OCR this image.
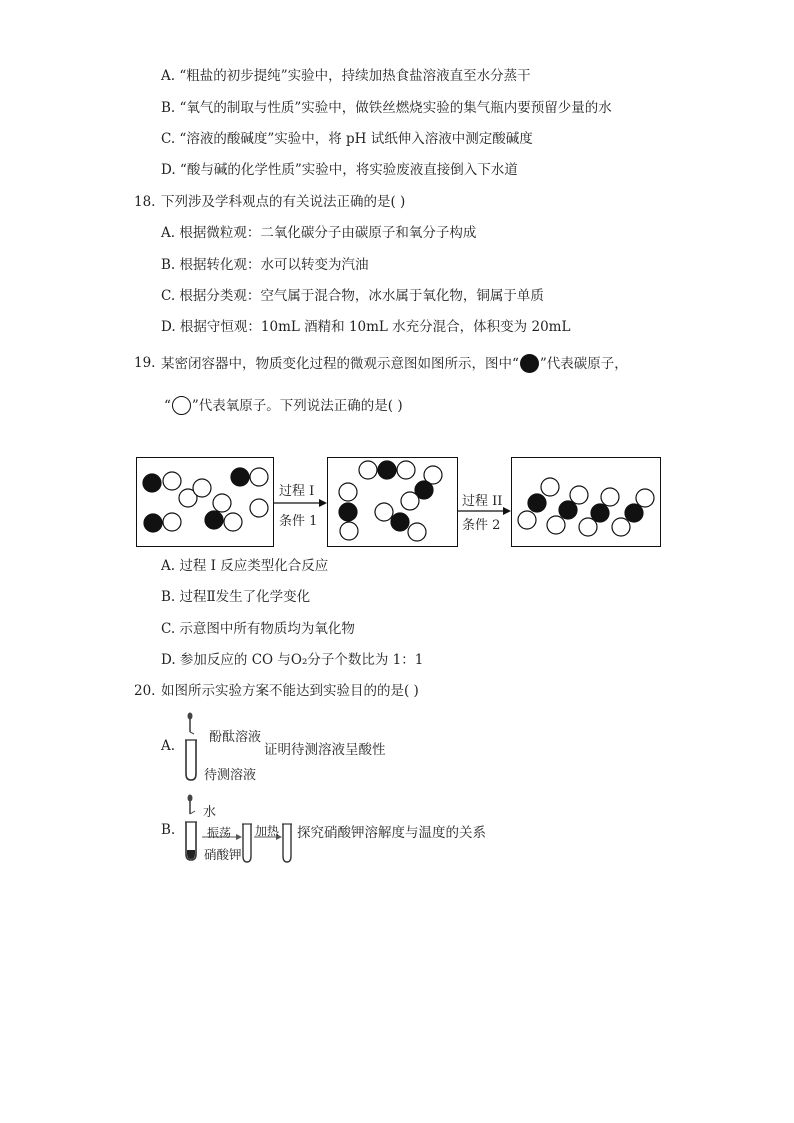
A. “粗盐的初步提纯”实验中，持续加热食盐溶液直至水分蒸干
B. “氧气的制取与性质”实验中，做铁丝燃烧实验的集气瓶内要预留少量的水
C. “溶液的酸碱度”实验中，将 pH 试纸伸入溶液中测定酸碱度
D. “酸与碱的化学性质”实验中，将实验废液直接倒入下水道
18. 下列涉及学科观点的有关说法正确的是( )
A. 根据微粒观：二氧化碳分子由碳原子和氧分子构成
B. 根据转化观：水可以转变为汽油
C. 根据分类观：空气属于混合物，冰水属于氧化物，铜属于单质
D. 根据守恒观：10mL 酒精和 10mL 水充分混合，体积变为 20mL
19. 某密闭容器中，物质变化过程的微观示意图如图所示，图中“ ”代表碳原子，
“ ”代表氧原子。下列说法正确的是( )
过程 I
条件 1
过程 II
条件 2
A. 过程 I 反应类型化合反应
B. 过程Ⅱ发生了化学变化
C. 示意图中所有物质均为氧化物
D. 参加反应的 CO 与O₂分子个数比为 1：1
20. 如图所示实验方案不能达到实验目的的是( )
A.
酚酞溶液
证明待测溶液呈酸性
待测溶液
B.
水
振荡
硝酸钾
加热 探究硝酸钾溶解度与温度的关系
